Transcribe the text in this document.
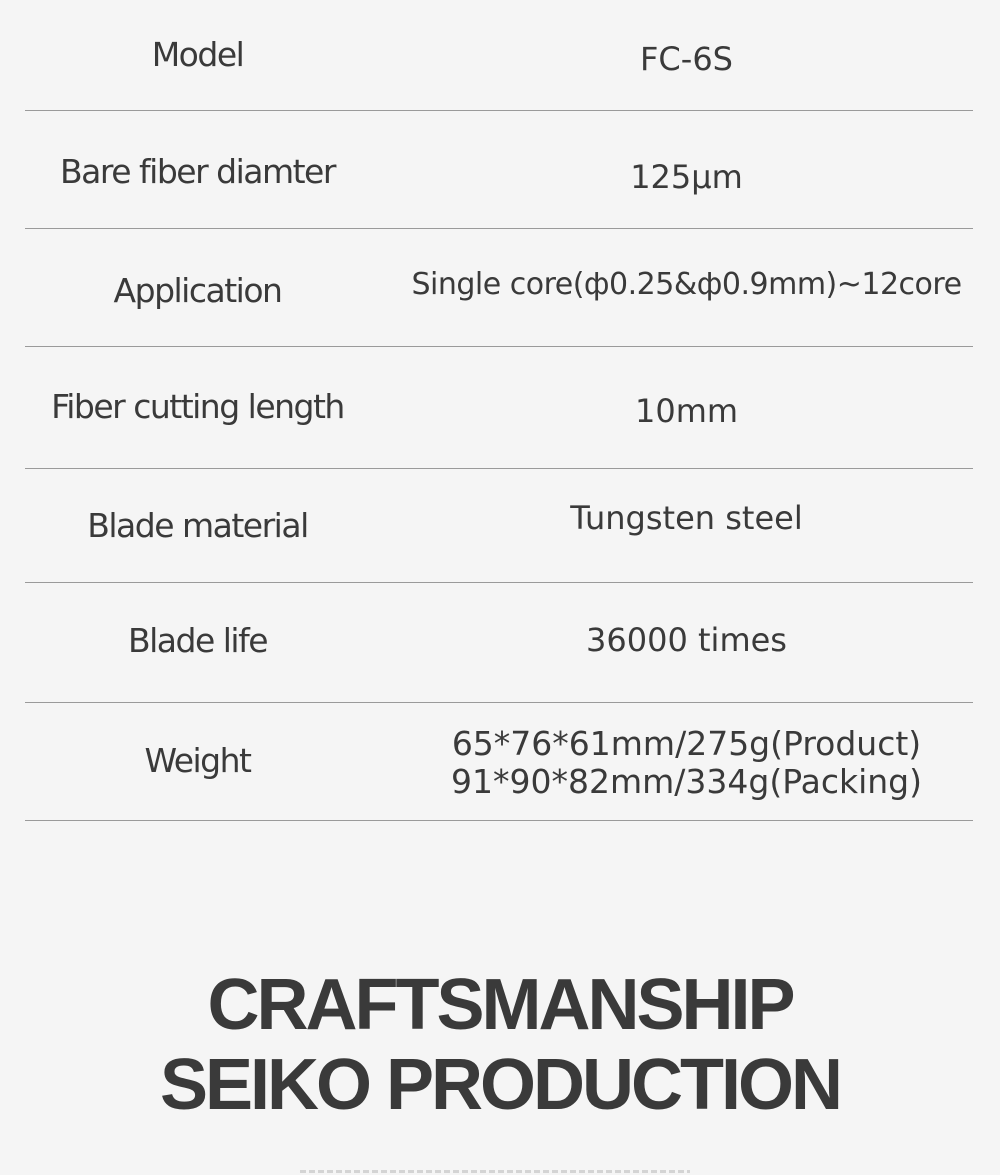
Model	FC-6S
Bare fiber diamter	125μm
Application	Single core(ф0.25&ф0.9mm)~12core
Fiber cutting length	10mm
Blade material	Tungsten steel
Blade life	36000 times
Weight	65*76*61mm/275g(Product)
91*90*82mm/334g(Packing)
CRAFTSMANSHIP
SEIKO PRODUCTION
